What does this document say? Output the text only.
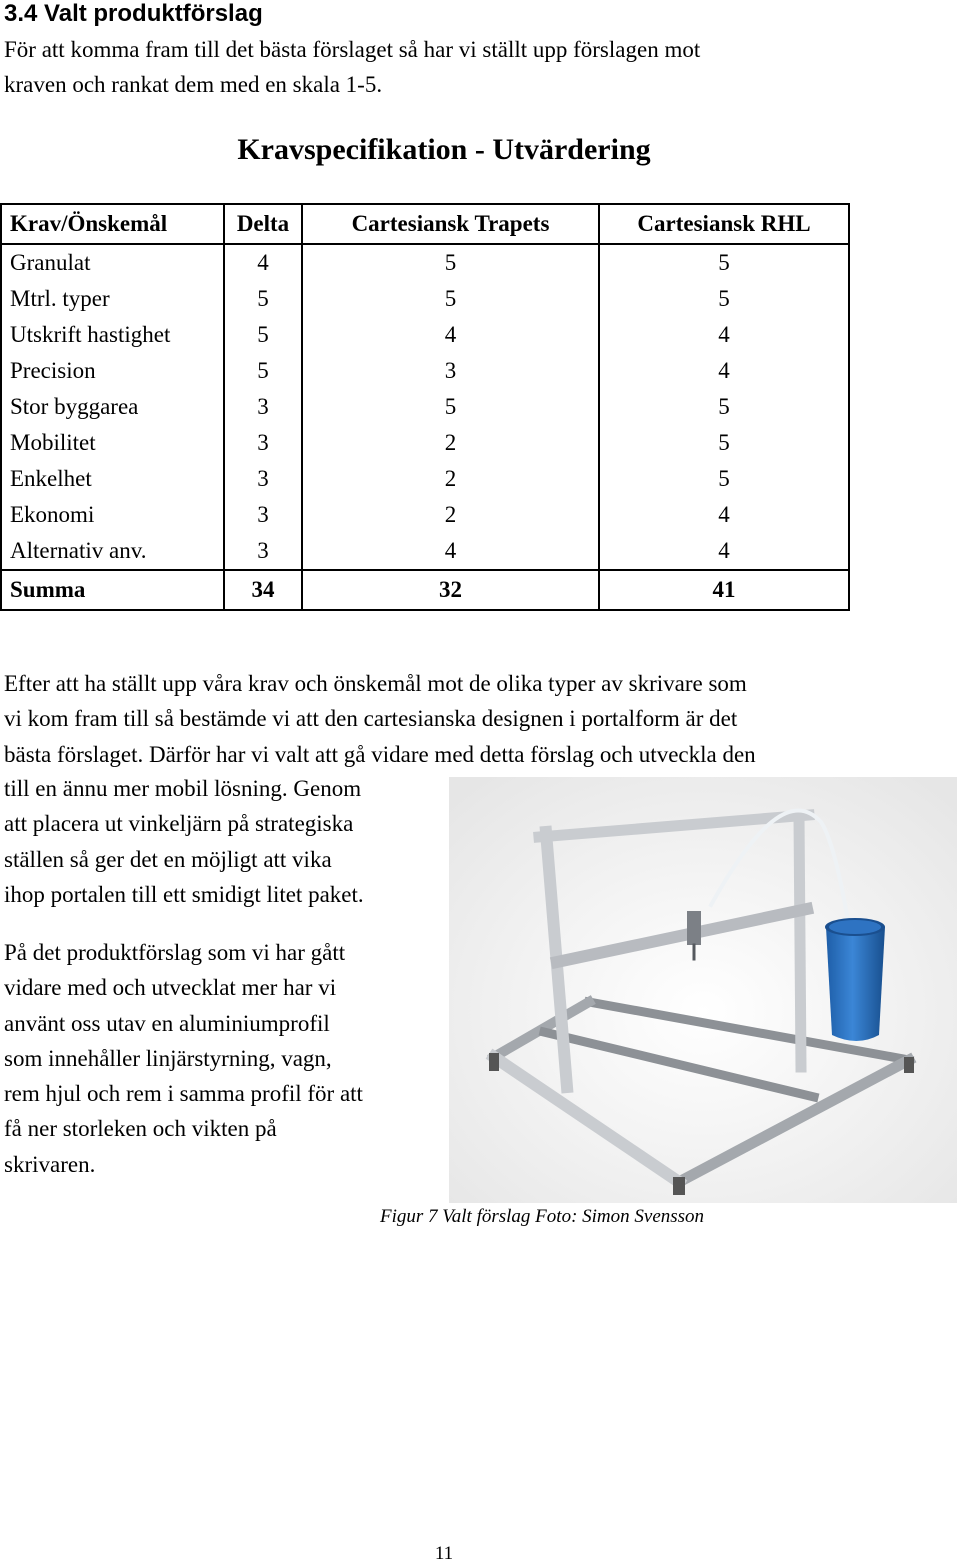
3.4 Valt produktförslag
För att komma fram till det bästa förslaget så har vi ställt upp förslagen mot
kraven och rankat dem med en skala 1-5.
Kravspecifikation - Utvärdering
Krav/Önskemål	Delta	Cartesiansk Trapets	Cartesiansk RHL
Granulat	4	5	5
Mtrl. typer	5	5	5
Utskrift hastighet	5	4	4
Precision	5	3	4
Stor byggarea	3	5	5
Mobilitet	3	2	5
Enkelhet	3	2	5
Ekonomi	3	2	4
Alternativ anv.	3	4	4
Summa	34	32	41
Efter att ha ställt upp våra krav och önskemål mot de olika typer av skrivare som
vi kom fram till så bestämde vi att den cartesianska designen i portalform är det
bästa förslaget. Därför har vi valt att gå vidare med detta förslag och utveckla den
till en ännu mer mobil lösning. Genom
att placera ut vinkeljärn på strategiska
ställen så ger det en möjligt att vika
ihop portalen till ett smidigt litet paket.
På det produktförslag som vi har gått
vidare med och utvecklat mer har vi
använt oss utav en aluminiumprofil
som innehåller linjärstyrning, vagn,
rem hjul och rem i samma profil för att
få ner storleken och vikten på
skrivaren.
Figur 7 Valt förslag Foto: Simon Svensson
11
